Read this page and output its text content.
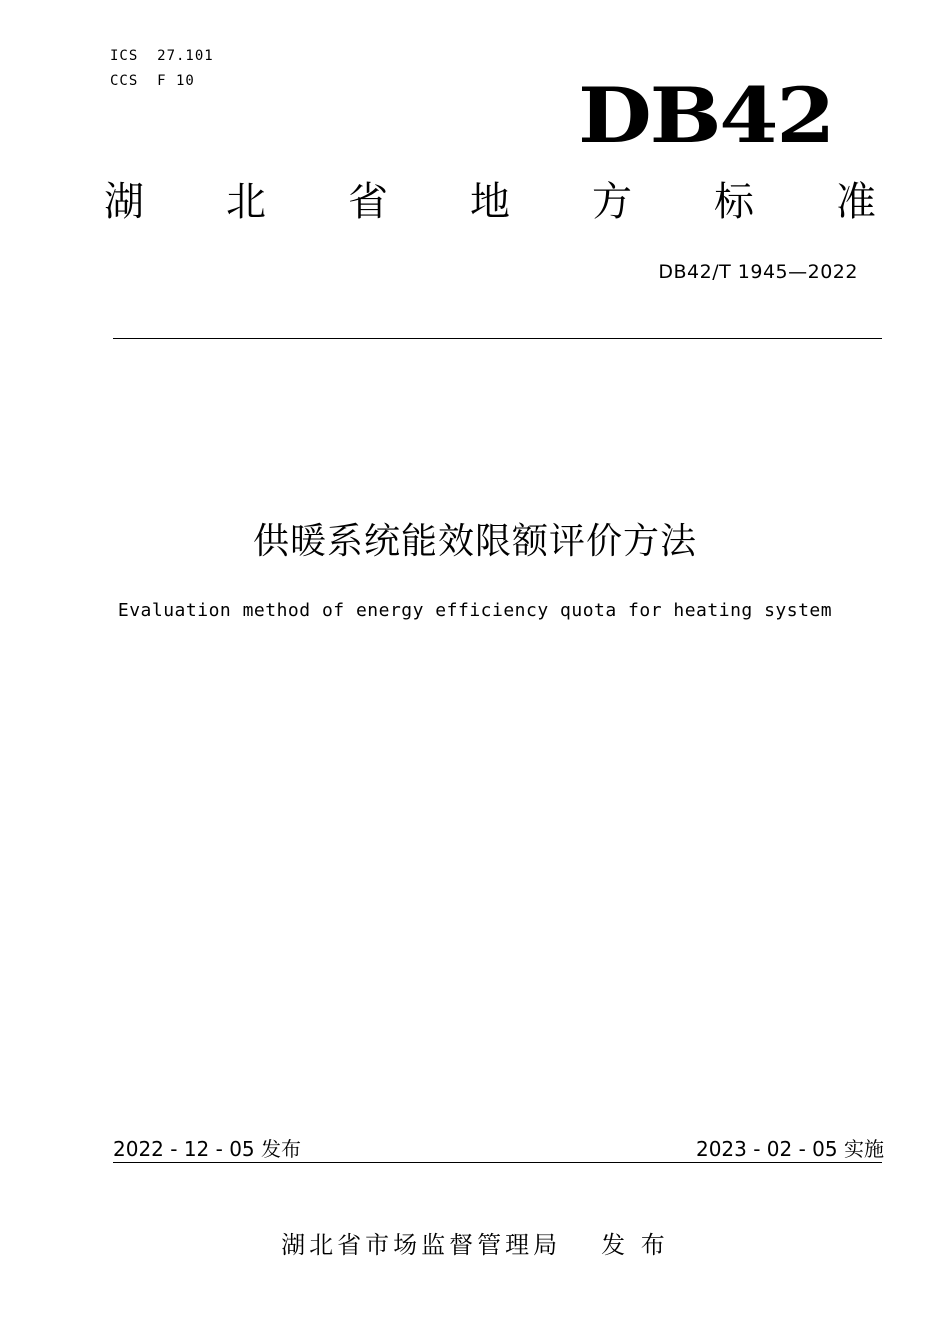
ICS  27.101
CCS  F 10	DB42
湖 北 省 地 方 标 准
DB42/T 1945—2022
供暖系统能效限额评价方法
Evaluation method of energy efficiency quota for heating system
2022 - 12 - 05 发布	2023 - 02 - 05 实施
湖北省市场监督管理局 发 布
